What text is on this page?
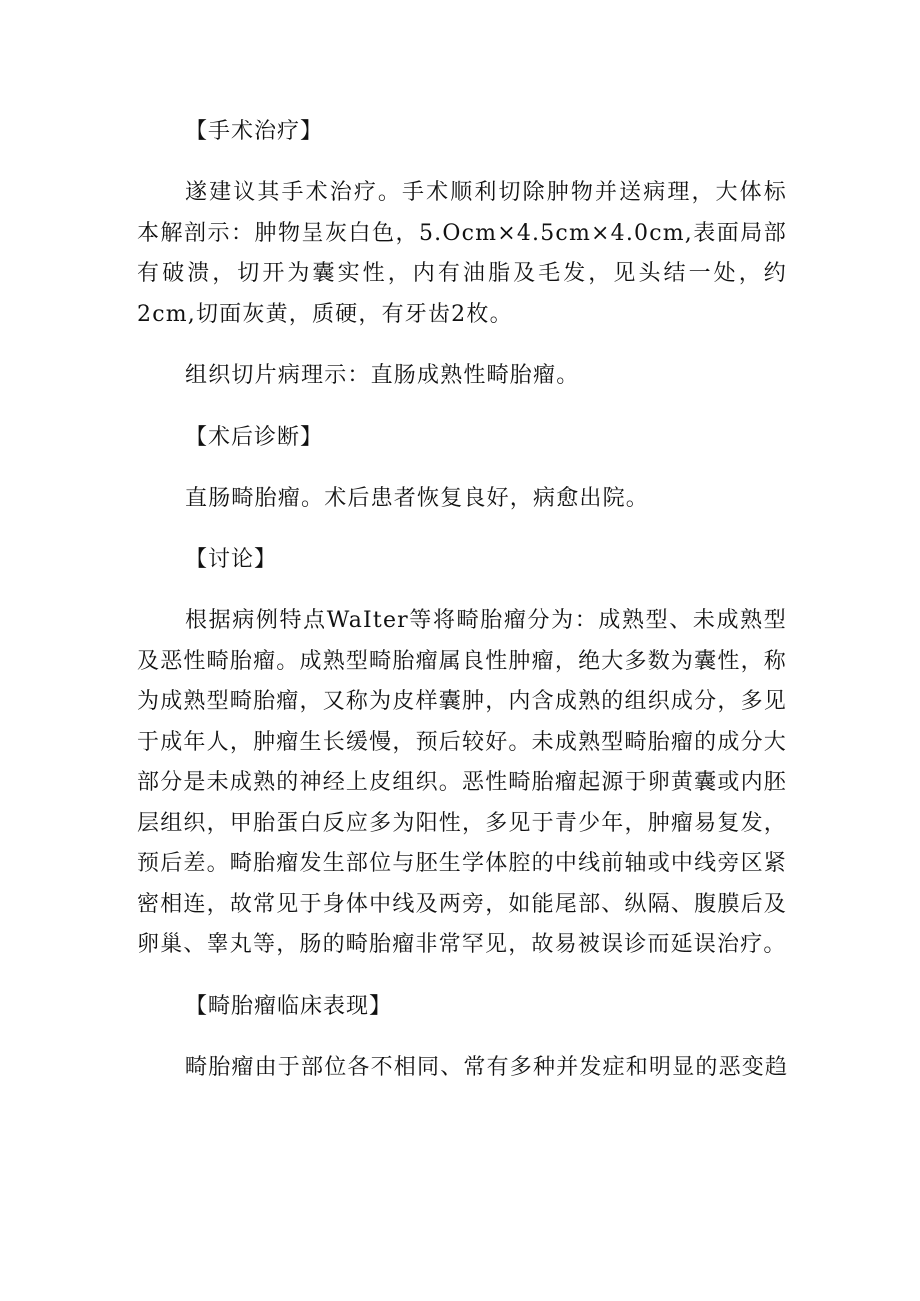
【手术治疗】

遂建议其手术治疗。手术顺利切除肿物并送病理，大体标本解剖示：肿物呈灰白色，5.Ocm×4.5cm×4.0cm,表面局部有破溃，切开为囊实性，内有油脂及毛发，见头结一处，约2cm,切面灰黄，质硬，有牙齿2枚。

组织切片病理示：直肠成熟性畸胎瘤。

【术后诊断】

直肠畸胎瘤。术后患者恢复良好，病愈出院。

【讨论】

根据病例特点WaIter等将畸胎瘤分为：成熟型、未成熟型及恶性畸胎瘤。成熟型畸胎瘤属良性肿瘤，绝大多数为囊性，称为成熟型畸胎瘤，又称为皮样囊肿，内含成熟的组织成分，多见于成年人，肿瘤生长缓慢，预后较好。未成熟型畸胎瘤的成分大部分是未成熟的神经上皮组织。恶性畸胎瘤起源于卵黄囊或内胚层组织，甲胎蛋白反应多为阳性，多见于青少年，肿瘤易复发，预后差。畸胎瘤发生部位与胚生学体腔的中线前轴或中线旁区紧密相连，故常见于身体中线及两旁，如能尾部、纵隔、腹膜后及卵巢、睾丸等，肠的畸胎瘤非常罕见，故易被误诊而延误治疗。

【畸胎瘤临床表现】

畸胎瘤由于部位各不相同、常有多种并发症和明显的恶变趋
